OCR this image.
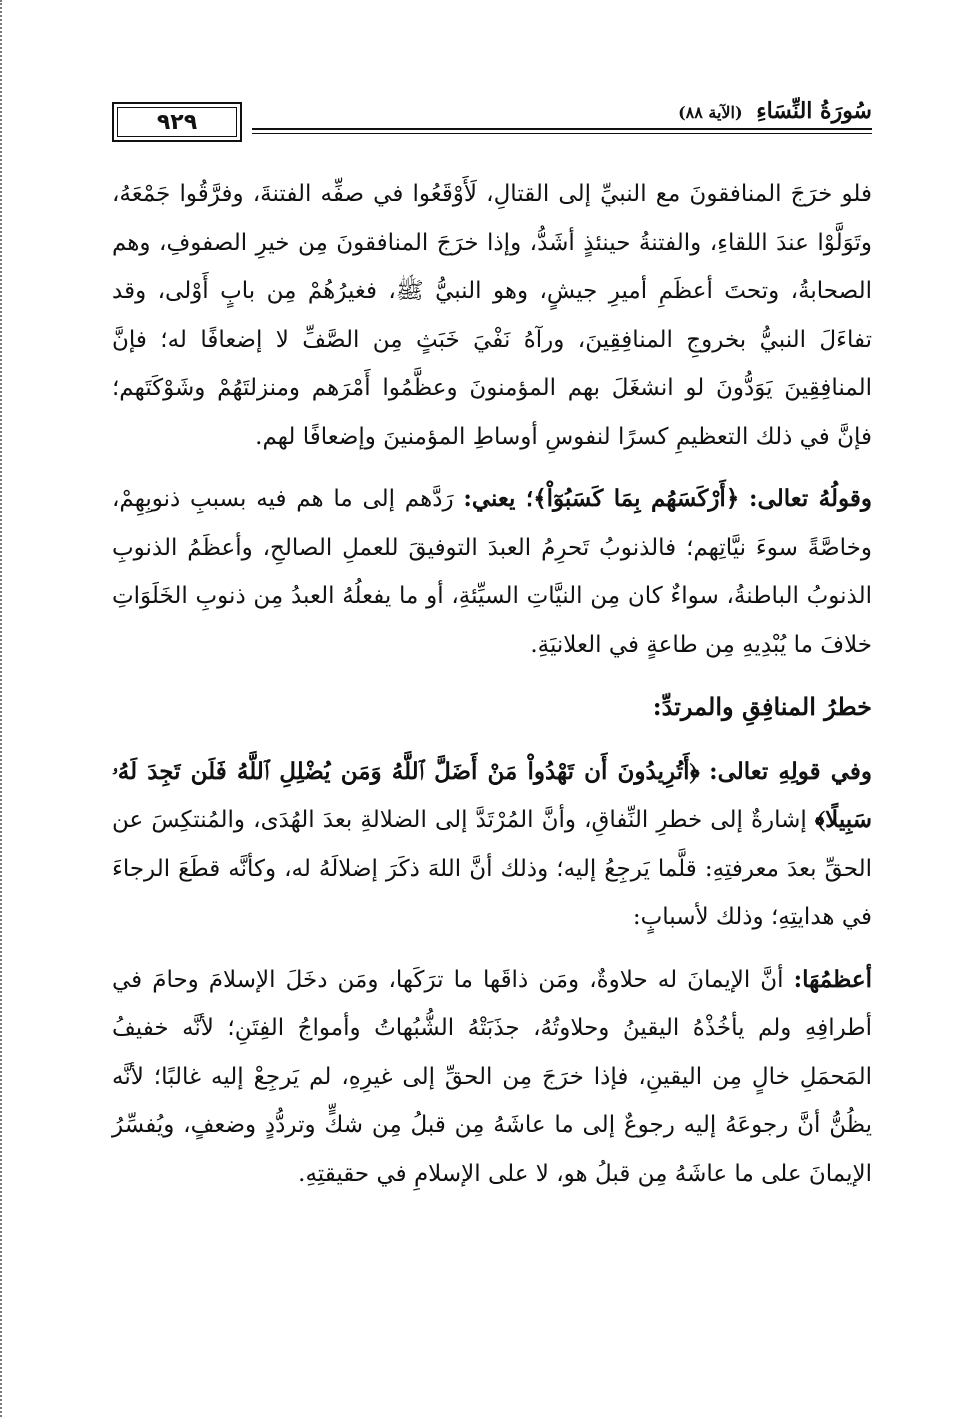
سُورَةُ النِّسَاءِ (الآية ٨٨)
٩٢٩

فلو خرَجَ المنافقونَ مع النبيِّ إلى القتالِ، لَأَوْقَعُوا في صفِّه الفتنةَ، وفرَّقُوا جَمْعَهُ، وتَوَلَّوْا عندَ اللقاءِ، والفتنةُ حينئذٍ أشَدُّ، وإذا خرَجَ المنافقونَ مِن خيرِ الصفوفِ، وهم الصحابةُ، وتحتَ أعظَمِ أميرِ جيشٍ، وهو النبيُّ ﷺ، فغيرُهُمْ مِن بابٍ أَوْلى، وقد تفاءَلَ النبيُّ بخروجِ المنافِقِينَ، ورآهُ نَفْيَ خَبَثٍ مِن الصَّفِّ لا إضعافًا له؛ فإنَّ المنافِقِينَ يَوَدُّونَ لو انشغَلَ بهم المؤمنونَ وعظَّمُوا أَمْرَهم ومنزلتَهُمْ وشَوْكَتَهم؛ فإنَّ في ذلك التعظيمِ كسرًا لنفوسِ أوساطِ المؤمنينَ وإضعافًا لهم.

وقولُهُ تعالى: ﴿أَرْكَسَهُم بِمَا كَسَبُوٓاْ﴾؛ يعني: رَدَّهم إلى ما هم فيه بسببِ ذنوبِهِمْ، وخاصَّةً سوءَ نيَّاتِهم؛ فالذنوبُ تَحرِمُ العبدَ التوفيقَ للعملِ الصالحِ، وأعظَمُ الذنوبِ الذنوبُ الباطنةُ، سواءٌ كان مِن النيَّاتِ السيِّئةِ، أو ما يفعلُهُ العبدُ مِن ذنوبِ الخَلَوَاتِ خلافَ ما يُبْدِيهِ مِن طاعةٍ في العلانيَةِ.

خطرُ المنافِقِ والمرتدِّ:

وفي قولِهِ تعالى: ﴿أَتُرِيدُونَ أَن تَهْدُواْ مَنْ أَضَلَّ ٱللَّهُ وَمَن يُضْلِلِ ٱللَّهُ فَلَن تَجِدَ لَهُۥ سَبِيلًا﴾ إشارةٌ إلى خطرِ النِّفاقِ، وأنَّ المُرْتَدَّ إلى الضلالةِ بعدَ الهُدَى، والمُنتكِسَ عن الحقِّ بعدَ معرفتِهِ: قلَّما يَرجِعُ إليه؛ وذلك أنَّ اللهَ ذكَرَ إضلالَهُ له، وكأنَّه قطَعَ الرجاءَ في هدايتِهِ؛ وذلك لأسبابٍ:

أعظمُهَا: أنَّ الإيمانَ له حلاوةٌ، ومَن ذاقَها ما ترَكَها، ومَن دخَلَ الإسلامَ وحامَ في أطرافِهِ ولم يأخُذْهُ اليقينُ وحلاوتُهُ، جذَبَتْهُ الشُّبُهاتُ وأمواجُ الفِتَنِ؛ لأنَّه خفيفُ المَحمَلِ خالٍ مِن اليقينِ، فإذا خرَجَ مِن الحقِّ إلى غيرِهِ، لم يَرجِعْ إليه غالبًا؛ لأنَّه يظُنُّ أنَّ رجوعَهُ إليه رجوعٌ إلى ما عاشَهُ مِن قبلُ مِن شكٍّ وتردُّدٍ وضعفٍ، ويُفسِّرُ الإيمانَ على ما عاشَهُ مِن قبلُ هو، لا على الإسلامِ في حقيقتِهِ.
